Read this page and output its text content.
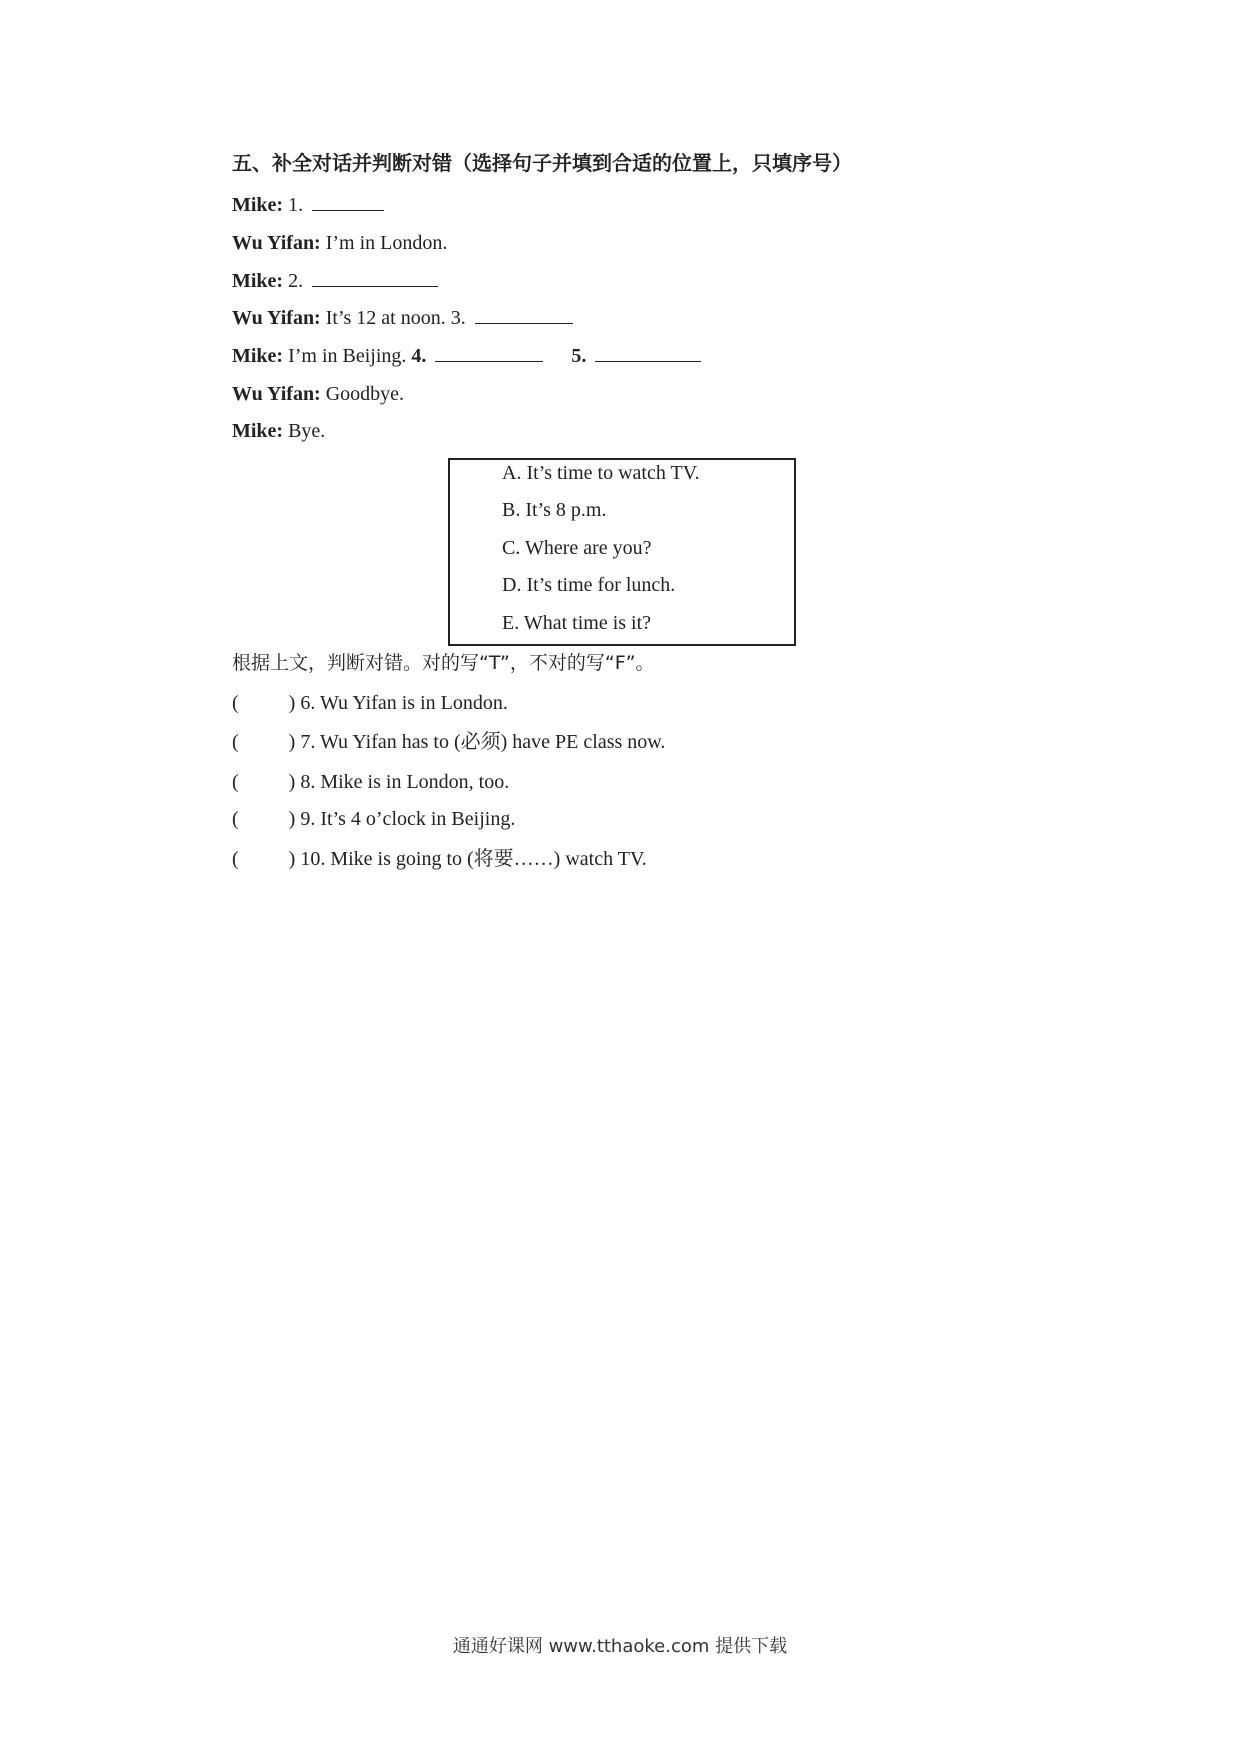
五、补全对话并判断对错（选择句子并填到合适的位置上，只填序号）
Mike: 1.
Wu Yifan: I’m in London.
Mike: 2.
Wu Yifan: It’s 12 at noon. 3.
Mike: I’m in Beijing. 4.	5.
Wu Yifan: Goodbye.
Mike: Bye.
A. It’s time to watch TV.
B. It’s 8 p.m.
C. Where are you?
D. It’s time for lunch.
E. What time is it?
根据上文，判断对错。对的写“T”，不对的写“F”。
(	) 6. Wu Yifan is in London.
(	) 7. Wu Yifan has to (必须) have PE class now.
(	) 8. Mike is in London, too.
(	) 9. It’s 4 o’clock in Beijing.
(	) 10. Mike is going to (将要……) watch TV.
通通好课网 www.tthaoke.com 提供下载
